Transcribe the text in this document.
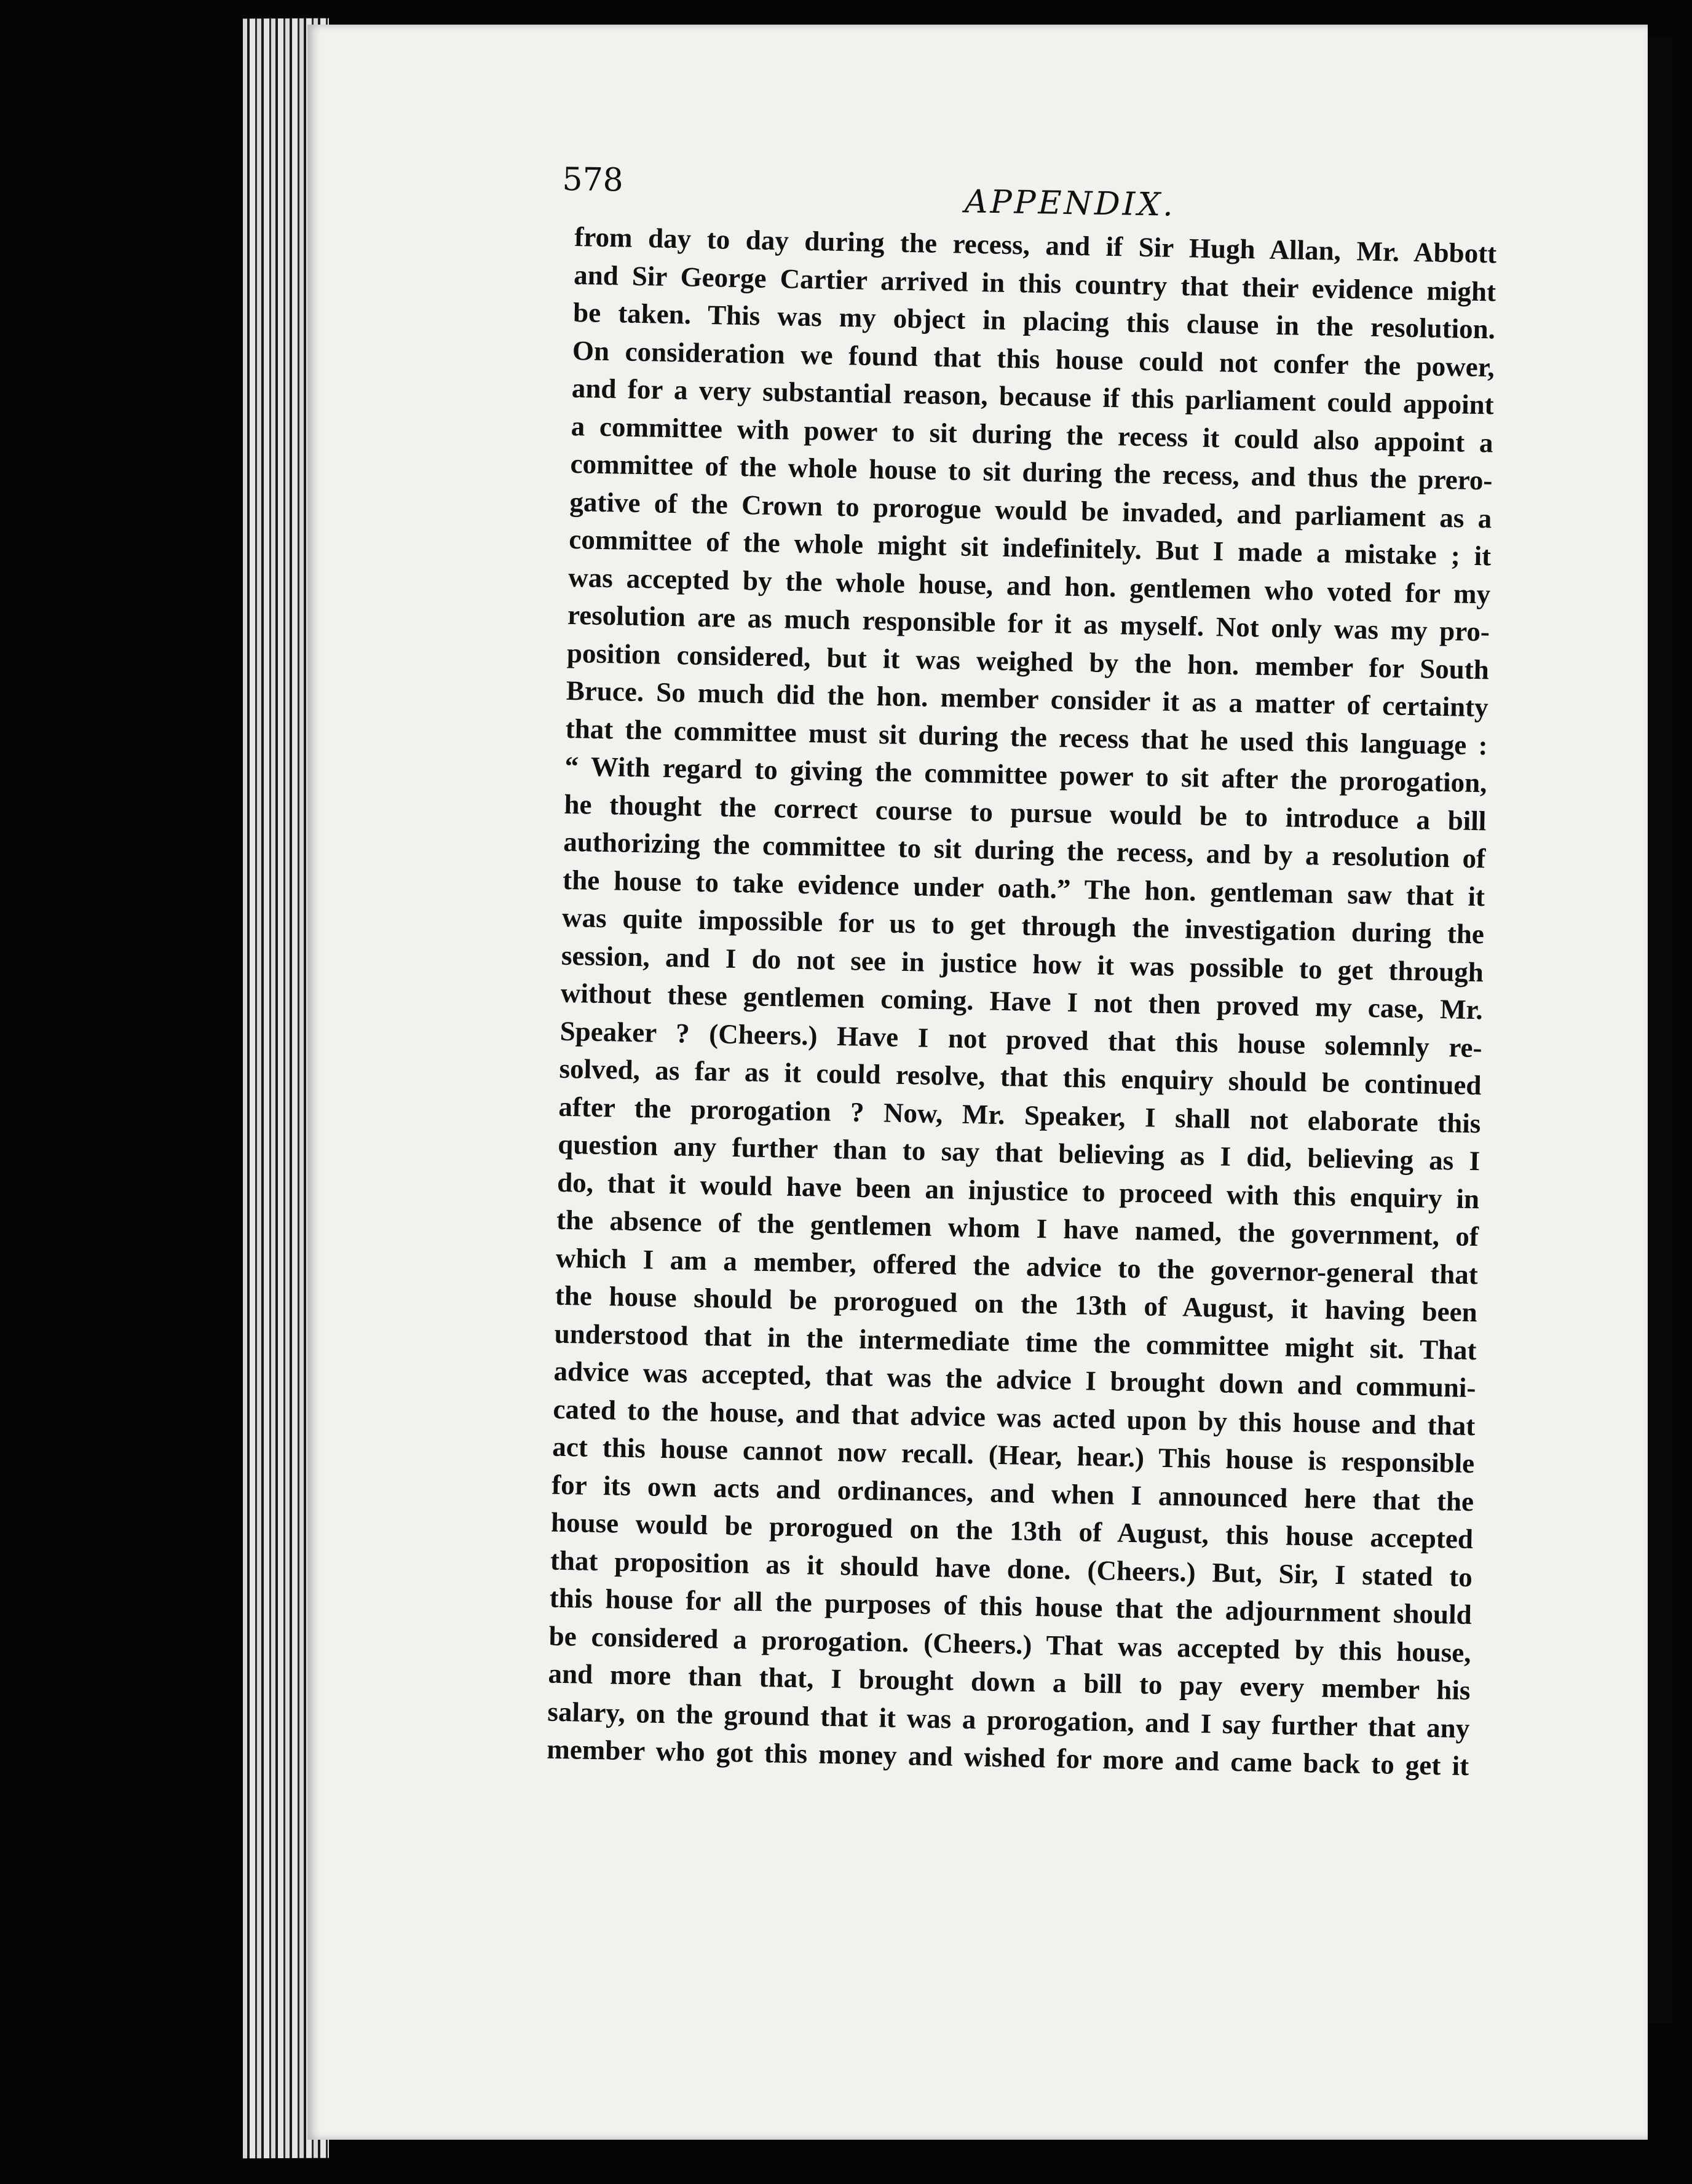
578
APPENDIX.
from day to day during the recess, and if Sir Hugh Allan, Mr. Abbott
and Sir George Cartier arrived in this country that their evidence might
be taken. This was my object in placing this clause in the resolution.
On consideration we found that this house could not confer the power,
and for a very substantial reason, because if this parliament could appoint
a committee with power to sit during the recess it could also appoint a
committee of the whole house to sit during the recess, and thus the prero-
gative of the Crown to prorogue would be invaded, and parliament as a
committee of the whole might sit indefinitely. But I made a mistake ; it
was accepted by the whole house, and hon. gentlemen who voted for my
resolution are as much responsible for it as myself. Not only was my pro-
position considered, but it was weighed by the hon. member for South
Bruce. So much did the hon. member consider it as a matter of certainty
that the committee must sit during the recess that he used this language :
“ With regard to giving the committee power to sit after the prorogation,
he thought the correct course to pursue would be to introduce a bill
authorizing the committee to sit during the recess, and by a resolution of
the house to take evidence under oath.” The hon. gentleman saw that it
was quite impossible for us to get through the investigation during the
session, and I do not see in justice how it was possible to get through
without these gentlemen coming. Have I not then proved my case, Mr.
Speaker ? (Cheers.) Have I not proved that this house solemnly re-
solved, as far as it could resolve, that this enquiry should be continued
after the prorogation ? Now, Mr. Speaker, I shall not elaborate this
question any further than to say that believing as I did, believing as I
do, that it would have been an injustice to proceed with this enquiry in
the absence of the gentlemen whom I have named, the government, of
which I am a member, offered the advice to the governor-general that
the house should be prorogued on the 13th of August, it having been
understood that in the intermediate time the committee might sit. That
advice was accepted, that was the advice I brought down and communi-
cated to the house, and that advice was acted upon by this house and that
act this house cannot now recall. (Hear, hear.) This house is responsible
for its own acts and ordinances, and when I announced here that the
house would be prorogued on the 13th of August, this house accepted
that proposition as it should have done. (Cheers.) But, Sir, I stated to
this house for all the purposes of this house that the adjournment should
be considered a prorogation. (Cheers.) That was accepted by this house,
and more than that, I brought down a bill to pay every member his
salary, on the ground that it was a prorogation, and I say further that any
member who got this money and wished for more and came back to get it
